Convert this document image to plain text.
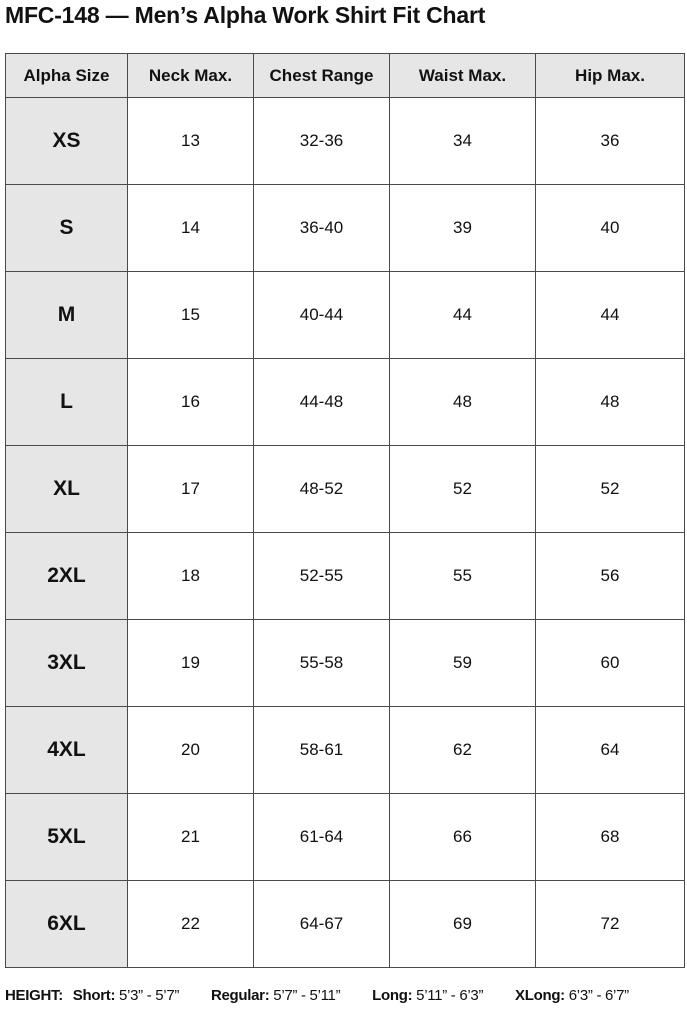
MFC-148 — Men’s Alpha Work Shirt Fit Chart
Alpha Size	Neck Max.	Chest Range	Waist Max.	Hip Max.
XS	13	32-36	34	36
S	14	36-40	39	40
M	15	40-44	44	44
L	16	44-48	48	48
XL	17	48-52	52	52
2XL	18	52-55	55	56
3XL	19	55-58	59	60
4XL	20	58-61	62	64
5XL	21	61-64	66	68
6XL	22	64-67	69	72
HEIGHT: Short: 5’3” - 5’7” Regular: 5’7” - 5’11” Long: 5’11” - 6’3” XLong: 6’3” - 6’7”
